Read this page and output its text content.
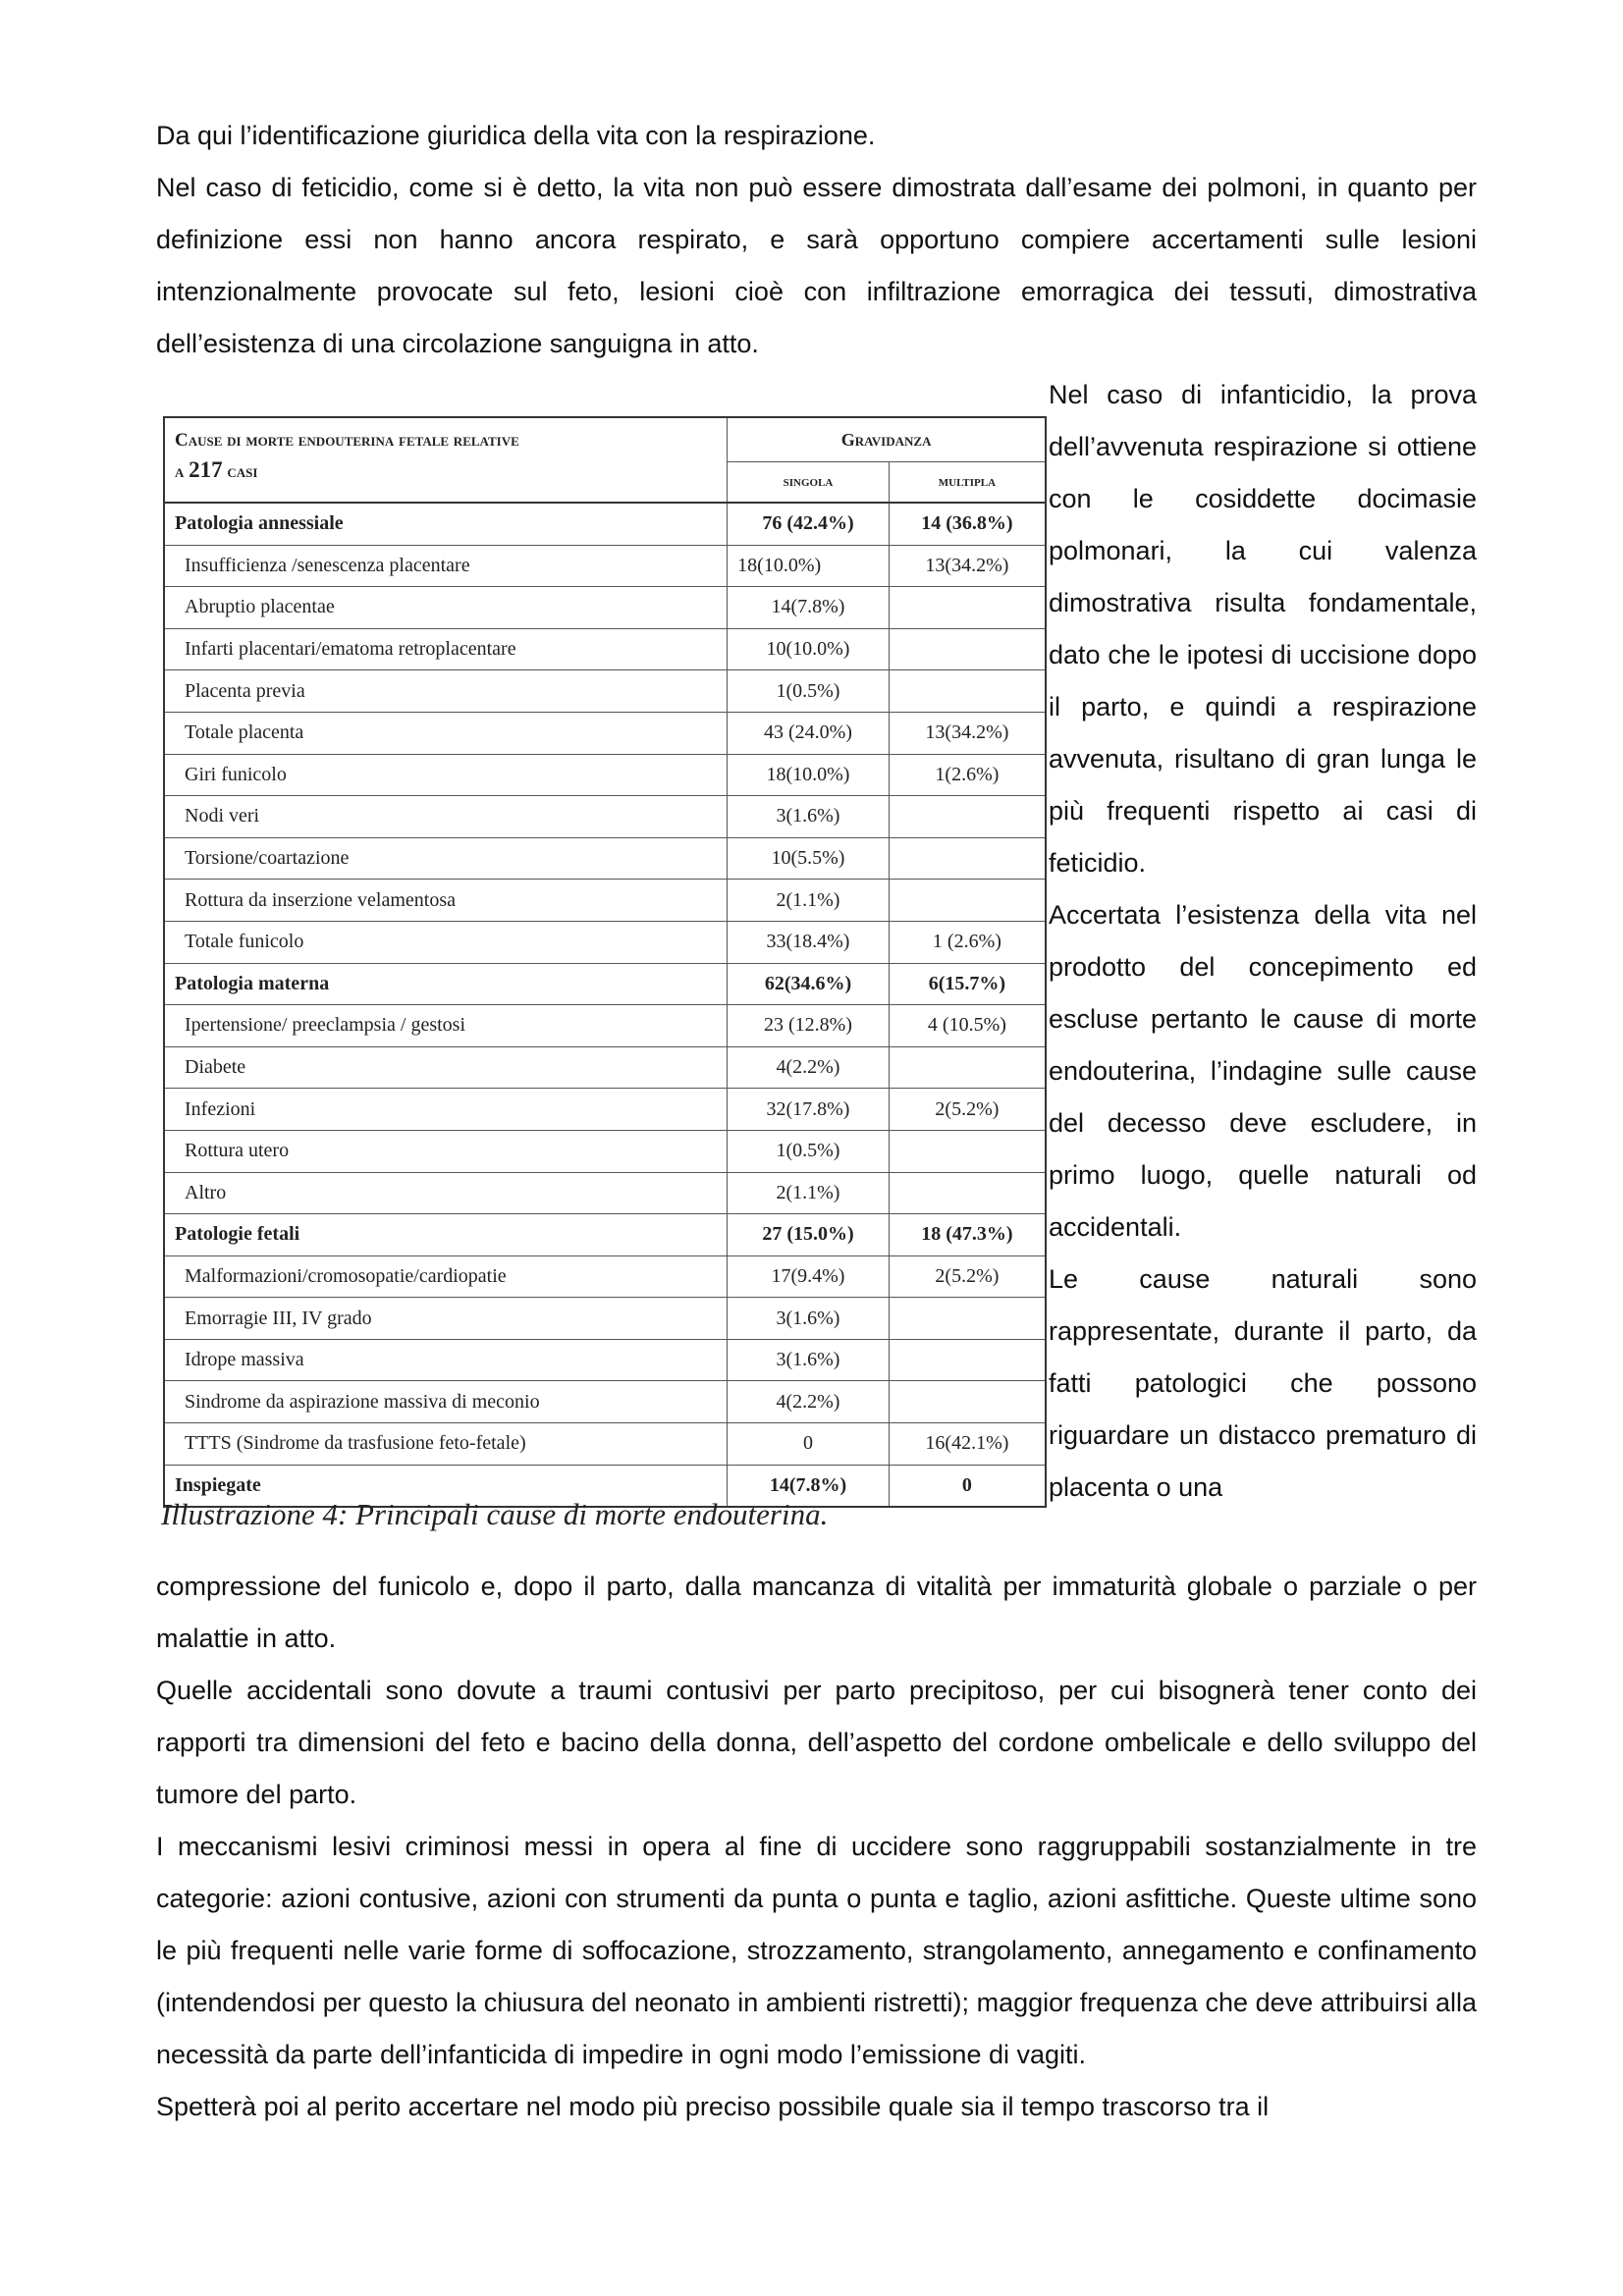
Da qui l’identificazione giuridica della vita con la respirazione.

Nel caso di feticidio, come si è detto, la vita non può essere dimostrata dall’esame dei polmoni, in quanto per definizione essi non hanno ancora respirato, e sarà opportuno compiere accertamenti sulle lesioni intenzionalmente provocate sul feto, lesioni cioè con infiltrazione emorragica dei tessuti, dimostrativa dell’esistenza di una circolazione sanguigna in atto.

Nel caso di infanticidio, la prova dell’avvenuta respirazione si ottiene con le cosiddette docimasie polmonari, la cui valenza dimostrativa risulta fondamentale, dato che le ipotesi di uccisione dopo il parto, e quindi a respirazione avvenuta, risultano di gran lunga le più frequenti rispetto ai casi di feticidio.

Accertata l’esistenza della vita nel prodotto del concepimento ed escluse pertanto le cause di morte endouterina, l’indagine sulle cause del decesso deve escludere, in primo luogo, quelle naturali od accidentali.

Le cause naturali sono rappresentate, durante il parto, da fatti patologici che possono riguardare un distacco prematuro di placenta o una

Cause di morte endouterina fetale relative
a 217 casi	Gravidanza	
	singola	multipla
Patologia annessiale	76 (42.4%)	14 (36.8%)
Insufficienza /senescenza placentare	18(10.0%)	13(34.2%)
Abruptio placentae	14(7.8%)	
Infarti placentari/ematoma retroplacentare	10(10.0%)	
Placenta previa	1(0.5%)	
Totale placenta	43 (24.0%)	13(34.2%)
Giri funicolo	18(10.0%)	1(2.6%)
Nodi veri	3(1.6%)	
Torsione/coartazione	10(5.5%)	
Rottura da inserzione velamentosa	2(1.1%)	
Totale funicolo	33(18.4%)	1 (2.6%)
Patologia materna	62(34.6%)	6(15.7%)
Ipertensione/ preeclampsia / gestosi	23 (12.8%)	4 (10.5%)
Diabete	4(2.2%)	
Infezioni	32(17.8%)	2(5.2%)
Rottura utero	1(0.5%)	
Altro	2(1.1%)	
Patologie fetali	27 (15.0%)	18 (47.3%)
Malformazioni/cromosopatie/cardiopatie	17(9.4%)	2(5.2%)
Emorragie III, IV grado	3(1.6%)	
Idrope massiva	3(1.6%)	
Sindrome da aspirazione massiva di meconio	4(2.2%)	
TTTS (Sindrome da trasfusione feto-fetale)	0	16(42.1%)
Inspiegate	14(7.8%)	0

Illustrazione 4: Principali cause di morte endouterina.

compressione del funicolo e, dopo il parto, dalla mancanza di vitalità per immaturità globale o parziale o per malattie in atto.

Quelle accidentali sono dovute a traumi contusivi per parto precipitoso, per cui bisognerà tener conto dei rapporti tra dimensioni del feto e bacino della donna, dell’aspetto del cordone ombelicale e dello sviluppo del tumore del parto.

I meccanismi lesivi criminosi messi in opera al fine di uccidere sono raggruppabili sostanzialmente in tre categorie: azioni contusive, azioni con strumenti da punta o punta e taglio, azioni asfittiche. Queste ultime sono le più frequenti nelle varie forme di soffocazione, strozzamento, strangolamento, annegamento e confinamento (intendendosi per questo la chiusura del neonato in ambienti ristretti); maggior frequenza che deve attribuirsi alla necessità da parte dell’infanticida di impedire in ogni modo l’emissione di vagiti.

Spetterà poi al perito accertare nel modo più preciso possibile quale sia il tempo trascorso tra il
